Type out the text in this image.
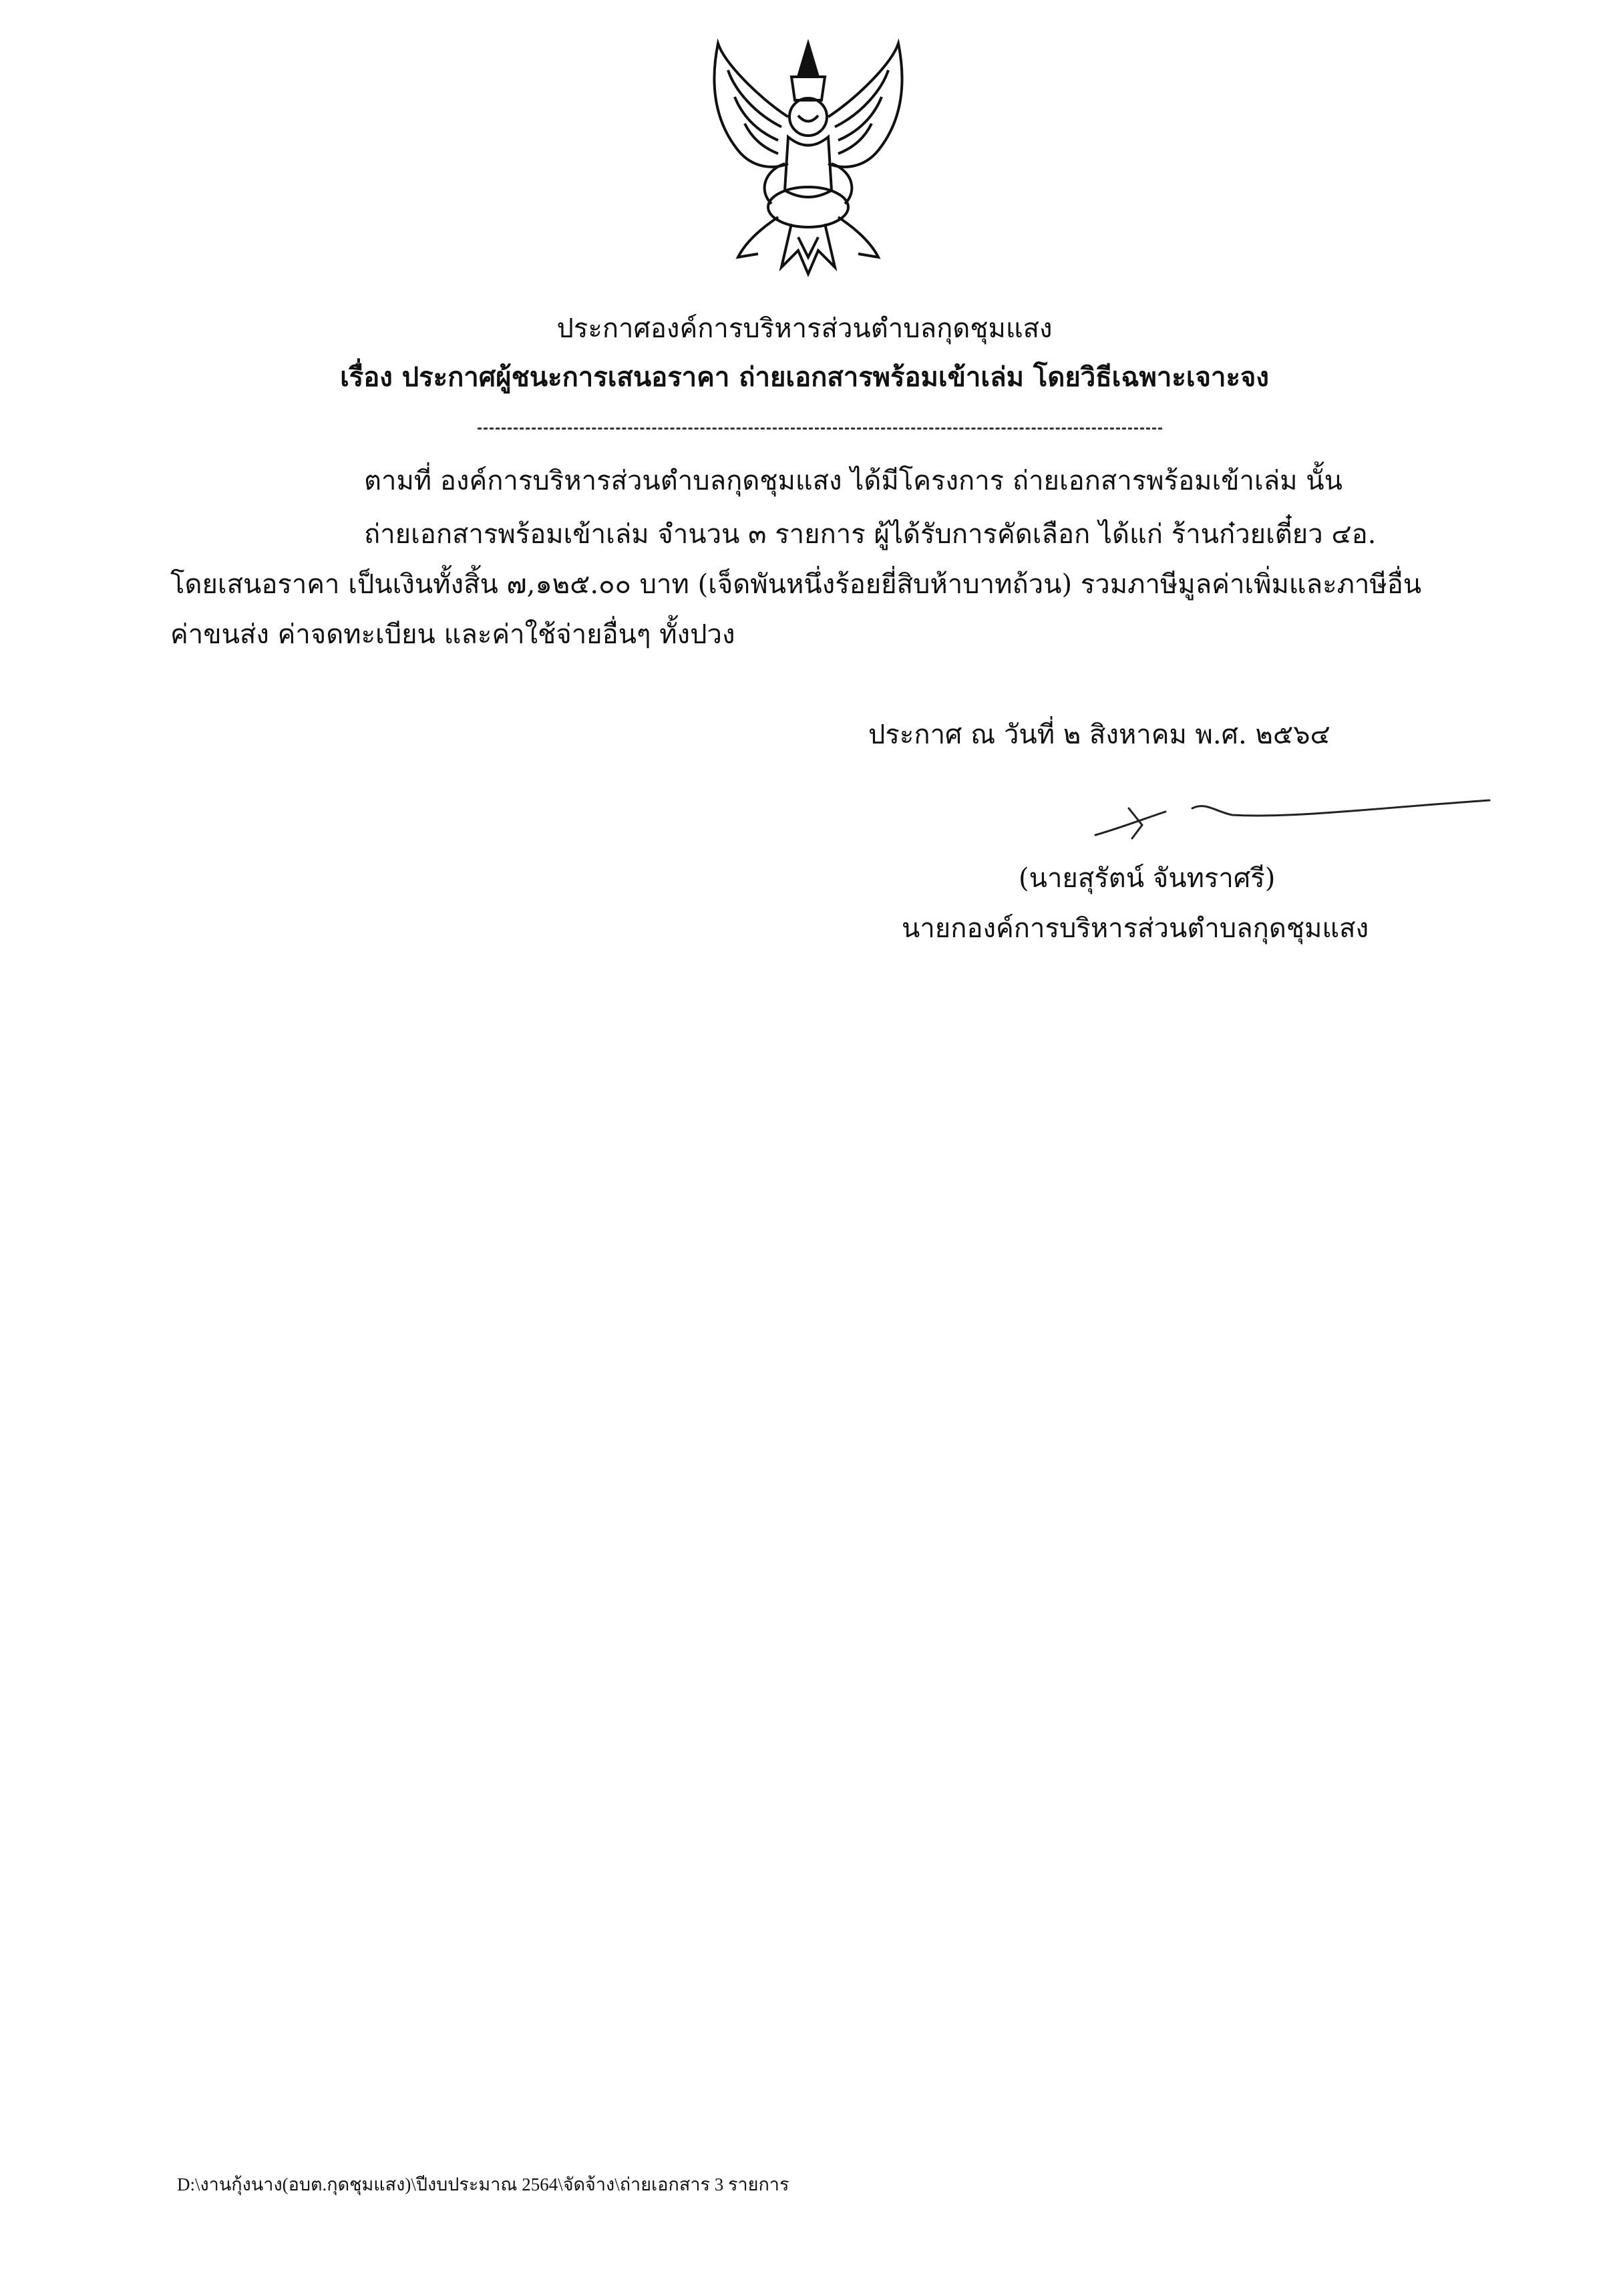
ประกาศองค์การบริหารส่วนตำบลกุดชุมแสง
เรื่อง ประกาศผู้ชนะการเสนอราคา ถ่ายเอกสารพร้อมเข้าเล่ม โดยวิธีเฉพาะเจาะจง
ตามที่ องค์การบริหารส่วนตำบลกุดชุมแสง ได้มีโครงการ ถ่ายเอกสารพร้อมเข้าเล่ม นั้น
ถ่ายเอกสารพร้อมเข้าเล่ม จำนวน ๓ รายการ ผู้ได้รับการคัดเลือก ได้แก่ ร้านก๋วยเตี๋ยว ๔อ.
โดยเสนอราคา เป็นเงินทั้งสิ้น ๗,๑๒๕.๐๐ บาท (เจ็ดพันหนึ่งร้อยยี่สิบห้าบาทถ้วน) รวมภาษีมูลค่าเพิ่มและภาษีอื่น
ค่าขนส่ง ค่าจดทะเบียน และค่าใช้จ่ายอื่นๆ ทั้งปวง
ประกาศ ณ วันที่ ๒ สิงหาคม พ.ศ. ๒๕๖๔
(นายสุรัตน์ จันทราศรี)
นายกองค์การบริหารส่วนตำบลกุดชุมแสง
D:\งานกุ้งนาง(อบต.กุดชุมแสง)\ปีงบประมาณ 2564\จัดจ้าง\ถ่ายเอกสาร 3 รายการ
